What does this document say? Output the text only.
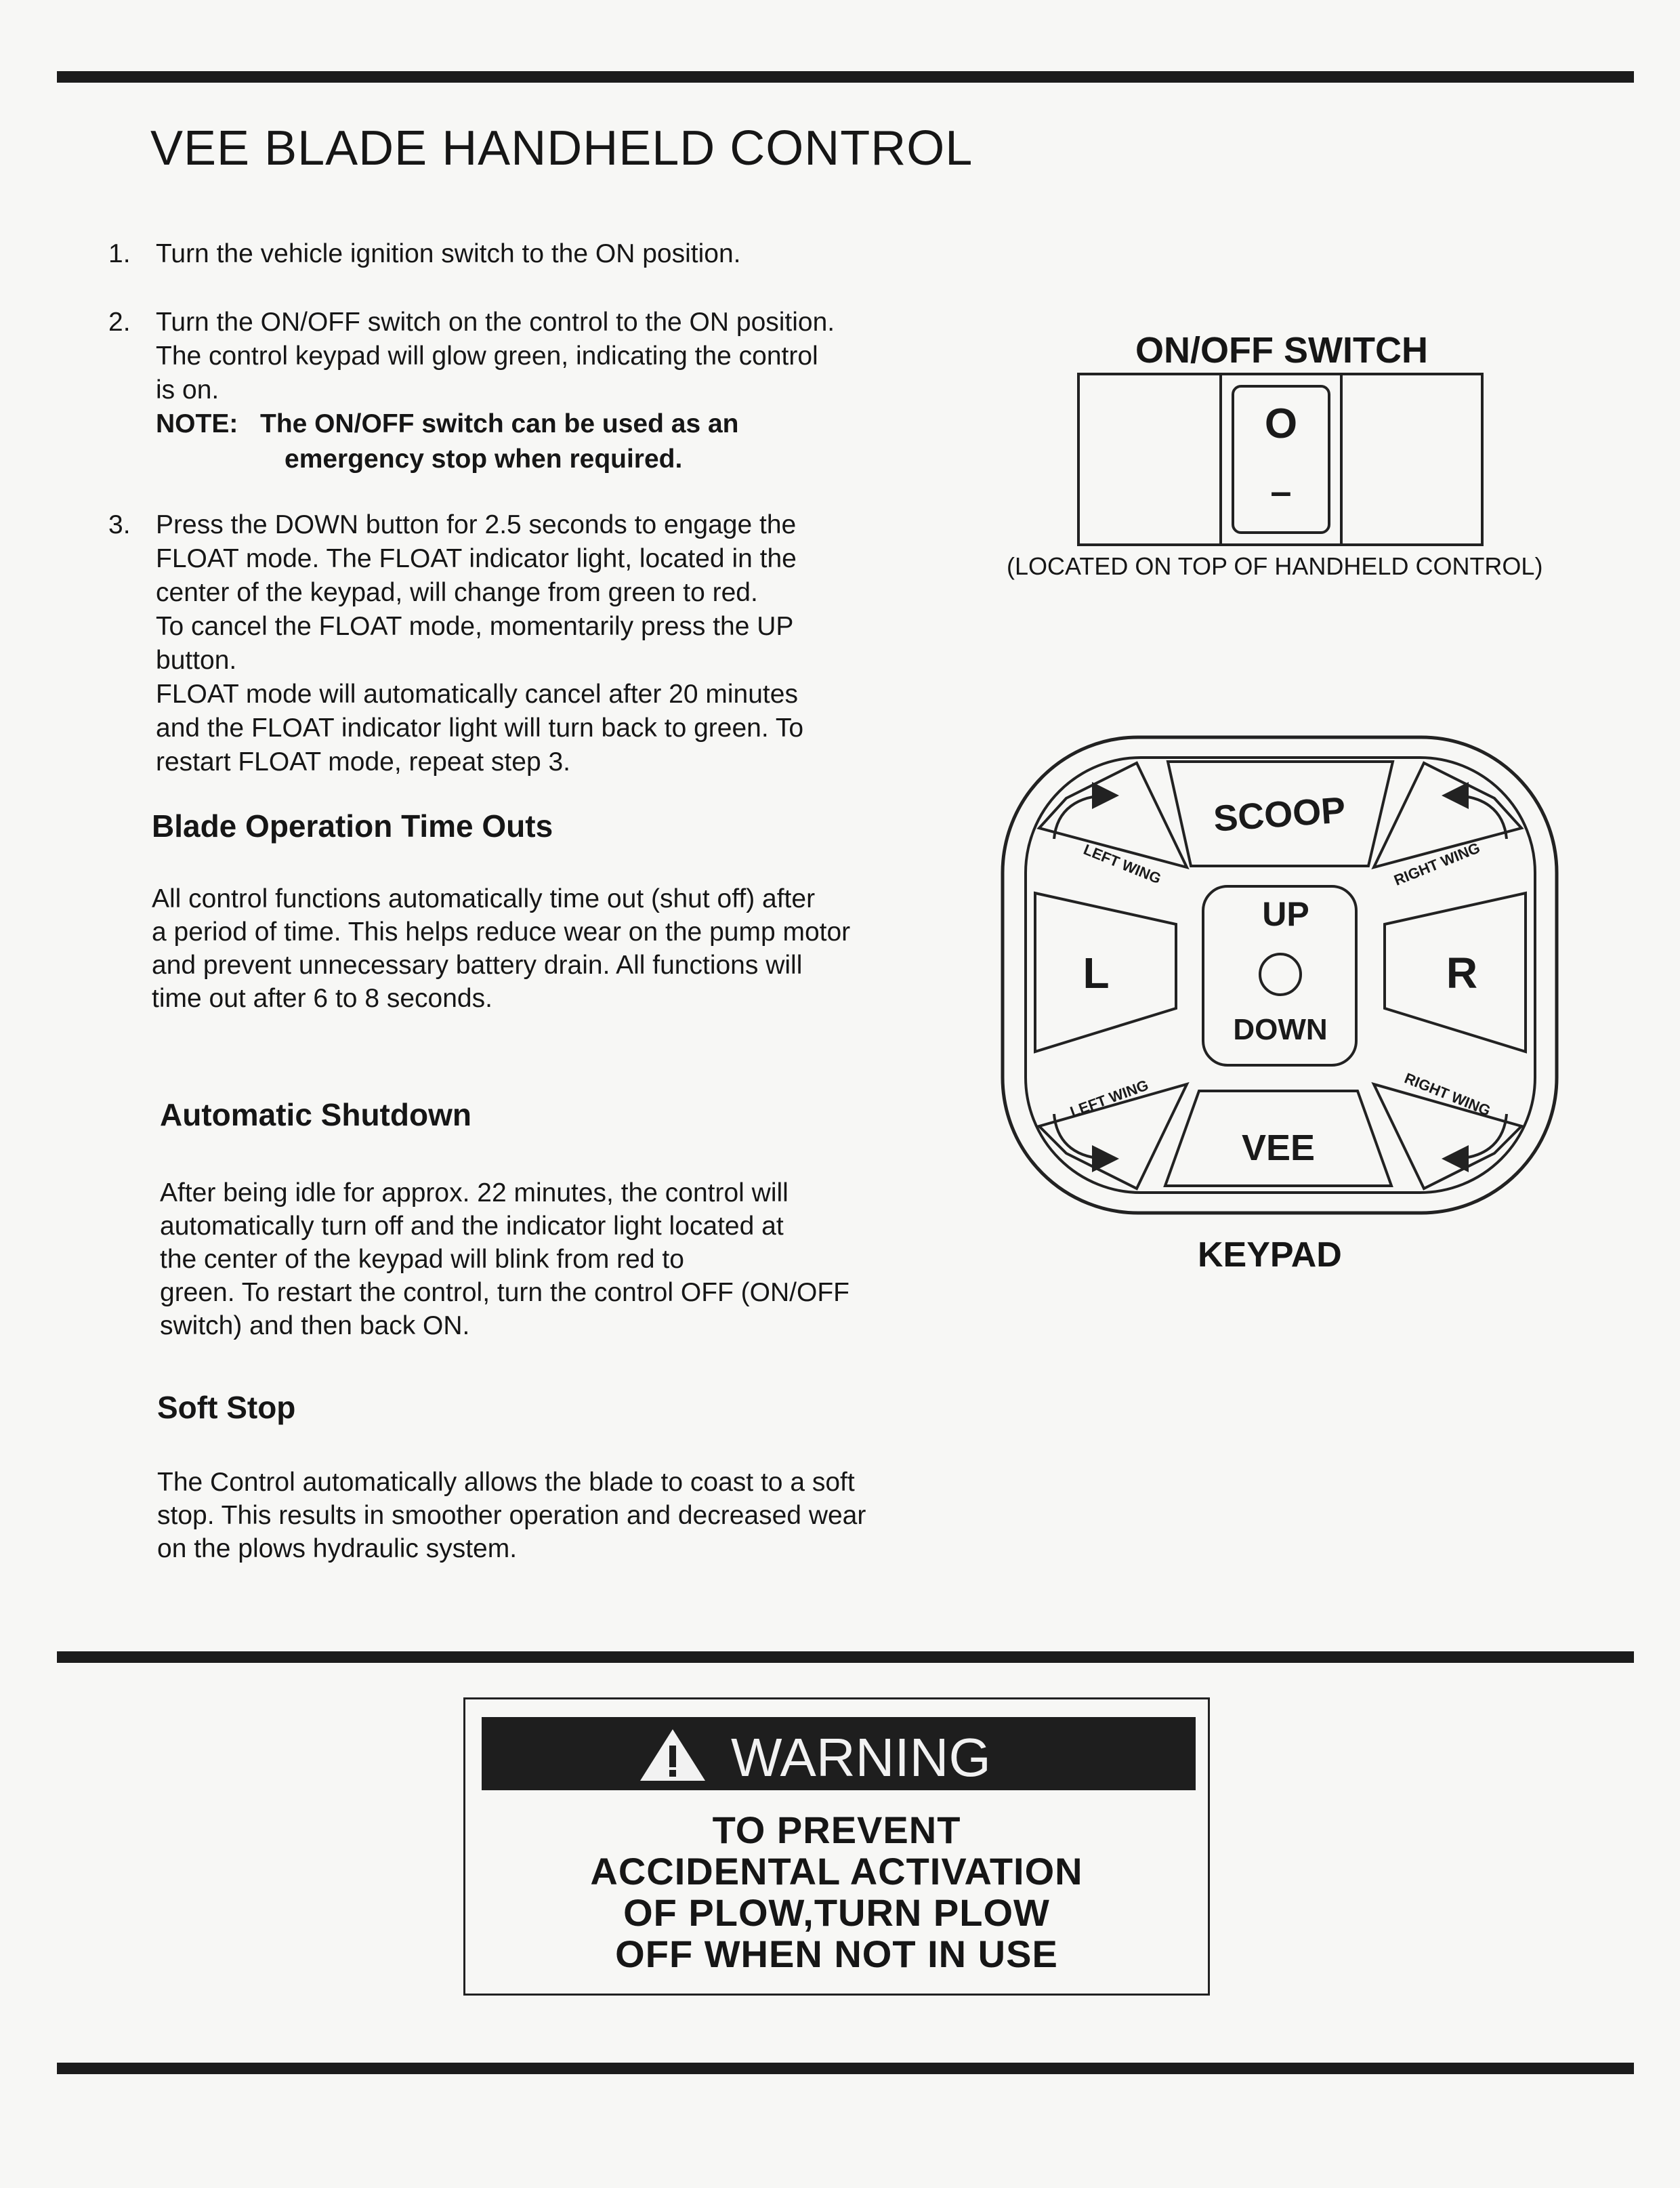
VEE BLADE HANDHELD CONTROL
1. Turn the vehicle ignition switch to the ON position.
2. Turn the ON/OFF switch on the control to the ON position.
The control keypad will glow green, indicating the control
is on.
NOTE: The ON/OFF switch can be used as an
emergency stop when required.
3. Press the DOWN button for 2.5 seconds to engage the
FLOAT mode. The FLOAT indicator light, located in the
center of the keypad, will change from green to red.
To cancel the FLOAT mode, momentarily press the UP
button.
FLOAT mode will automatically cancel after 20 minutes
and the FLOAT indicator light will turn back to green. To
restart FLOAT mode, repeat step 3.
Blade Operation Time Outs
All control functions automatically time out (shut off) after
a period of time. This helps reduce wear on the pump motor
and prevent unnecessary battery drain. All functions will
time out after 6 to 8 seconds.
Automatic Shutdown
After being idle for approx. 22 minutes, the control will
automatically turn off and the indicator light located at
the center of the keypad will blink from red to
green. To restart the control, turn the control OFF (ON/OFF
switch) and then back ON.
Soft Stop
The Control automatically allows the blade to coast to a soft
stop. This results in smoother operation and decreased wear
on the plows hydraulic system.
ON/OFF SWITCH
O
–
(LOCATED ON TOP OF HANDHELD CONTROL)
SCOOP
VEE
L	R
UP
DOWN
LEFT WING	RIGHT WING
LEFT WING	RIGHT WING
KEYPAD
WARNING
TO PREVENT
ACCIDENTAL ACTIVATION
OF PLOW,TURN PLOW
OFF WHEN NOT IN USE
